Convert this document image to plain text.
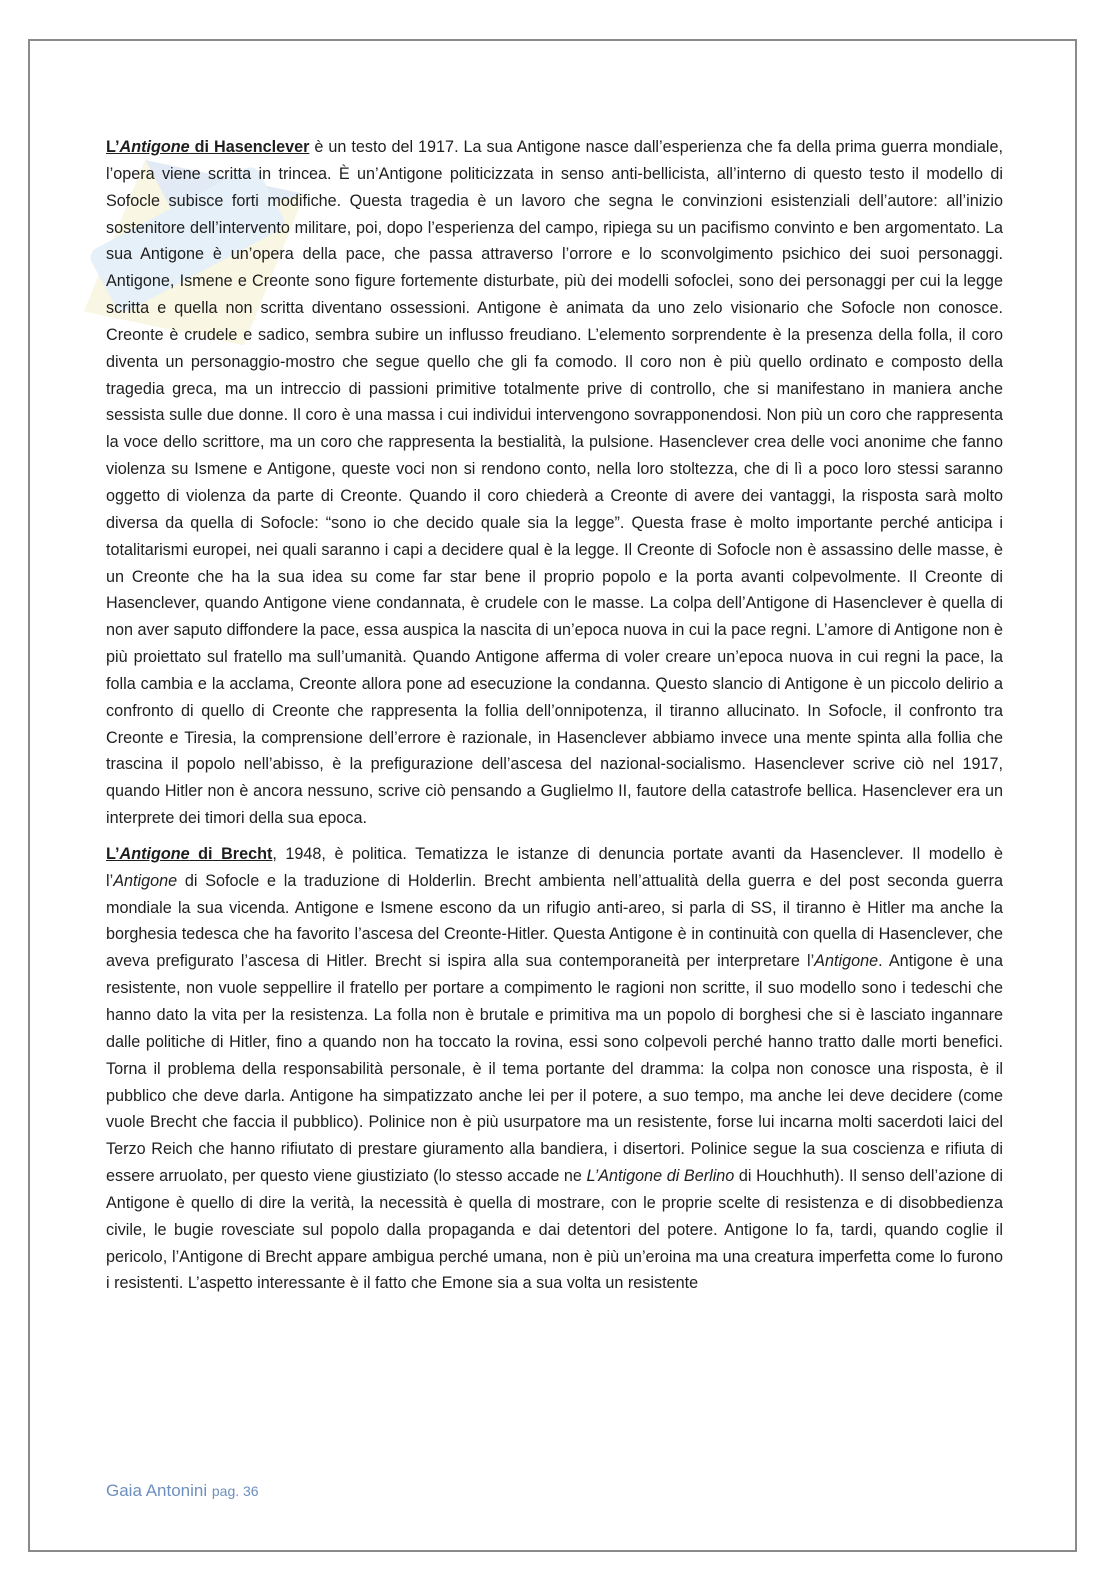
L’Antigone di Hasenclever è un testo del 1917. La sua Antigone nasce dall’esperienza che fa della prima guerra mondiale, l’opera viene scritta in trincea. È un’Antigone politicizzata in senso anti-bellicista, all’interno di questo testo il modello di Sofocle subisce forti modifiche. Questa tragedia è un lavoro che segna le convinzioni esistenziali dell’autore: all’inizio sostenitore dell’intervento militare, poi, dopo l’esperienza del campo, ripiega su un pacifismo convinto e ben argomentato. La sua Antigone è un’opera della pace, che passa attraverso l’orrore e lo sconvolgimento psichico dei suoi personaggi. Antigone, Ismene e Creonte sono figure fortemente disturbate, più dei modelli sofoclei, sono dei personaggi per cui la legge scritta e quella non scritta diventano ossessioni. Antigone è animata da uno zelo visionario che Sofocle non conosce. Creonte è crudele e sadico, sembra subire un influsso freudiano. L’elemento sorprendente è la presenza della folla, il coro diventa un personaggio-mostro che segue quello che gli fa comodo. Il coro non è più quello ordinato e composto della tragedia greca, ma un intreccio di passioni primitive totalmente prive di controllo, che si manifestano in maniera anche sessista sulle due donne. Il coro è una massa i cui individui intervengono sovrapponendosi. Non più un coro che rappresenta la voce dello scrittore, ma un coro che rappresenta la bestialità, la pulsione. Hasenclever crea delle voci anonime che fanno violenza su Ismene e Antigone, queste voci non si rendono conto, nella loro stoltezza, che di lì a poco loro stessi saranno oggetto di violenza da parte di Creonte. Quando il coro chiederà a Creonte di avere dei vantaggi, la risposta sarà molto diversa da quella di Sofocle: “sono io che decido quale sia la legge”. Questa frase è molto importante perché anticipa i totalitarismi europei, nei quali saranno i capi a decidere qual è la legge. Il Creonte di Sofocle non è assassino delle masse, è un Creonte che ha la sua idea su come far star bene il proprio popolo e la porta avanti colpevolmente. Il Creonte di Hasenclever, quando Antigone viene condannata, è crudele con le masse. La colpa dell’Antigone di Hasenclever è quella di non aver saputo diffondere la pace, essa auspica la nascita di un’epoca nuova in cui la pace regni. L’amore di Antigone non è più proiettato sul fratello ma sull’umanità. Quando Antigone afferma di voler creare un’epoca nuova in cui regni la pace, la folla cambia e la acclama, Creonte allora pone ad esecuzione la condanna. Questo slancio di Antigone è un piccolo delirio a confronto di quello di Creonte che rappresenta la follia dell’onnipotenza, il tiranno allucinato. In Sofocle, il confronto tra Creonte e Tiresia, la comprensione dell’errore è razionale, in Hasenclever abbiamo invece una mente spinta alla follia che trascina il popolo nell’abisso, è la prefigurazione dell’ascesa del nazional-socialismo. Hasenclever scrive ciò nel 1917, quando Hitler non è ancora nessuno, scrive ciò pensando a Guglielmo II, fautore della catastrofe bellica. Hasenclever era un interprete dei timori della sua epoca.

L’Antigone di Brecht, 1948, è politica. Tematizza le istanze di denuncia portate avanti da Hasenclever. Il modello è l’Antigone di Sofocle e la traduzione di Holderlin. Brecht ambienta nell’attualità della guerra e del post seconda guerra mondiale la sua vicenda. Antigone e Ismene escono da un rifugio anti-areo, si parla di SS, il tiranno è Hitler ma anche la borghesia tedesca che ha favorito l’ascesa del Creonte-Hitler. Questa Antigone è in continuità con quella di Hasenclever, che aveva prefigurato l’ascesa di Hitler. Brecht si ispira alla sua contemporaneità per interpretare l’Antigone. Antigone è una resistente, non vuole seppellire il fratello per portare a compimento le ragioni non scritte, il suo modello sono i tedeschi che hanno dato la vita per la resistenza. La folla non è brutale e primitiva ma un popolo di borghesi che si è lasciato ingannare dalle politiche di Hitler, fino a quando non ha toccato la rovina, essi sono colpevoli perché hanno tratto dalle morti benefici. Torna il problema della responsabilità personale, è il tema portante del dramma: la colpa non conosce una risposta, è il pubblico che deve darla. Antigone ha simpatizzato anche lei per il potere, a suo tempo, ma anche lei deve decidere (come vuole Brecht che faccia il pubblico). Polinice non è più usurpatore ma un resistente, forse lui incarna molti sacerdoti laici del Terzo Reich che hanno rifiutato di prestare giuramento alla bandiera, i disertori. Polinice segue la sua coscienza e rifiuta di essere arruolato, per questo viene giustiziato (lo stesso accade ne L’Antigone di Berlino di Houchhuth). Il senso dell’azione di Antigone è quello di dire la verità, la necessità è quella di mostrare, con le proprie scelte di resistenza e di disobbedienza civile, le bugie rovesciate sul popolo dalla propaganda e dai detentori del potere. Antigone lo fa, tardi, quando coglie il pericolo, l’Antigone di Brecht appare ambigua perché umana, non è più un’eroina ma una creatura imperfetta come lo furono i resistenti. L’aspetto interessante è il fatto che Emone sia a sua volta un resistente

Gaia Antonini pag. 36
